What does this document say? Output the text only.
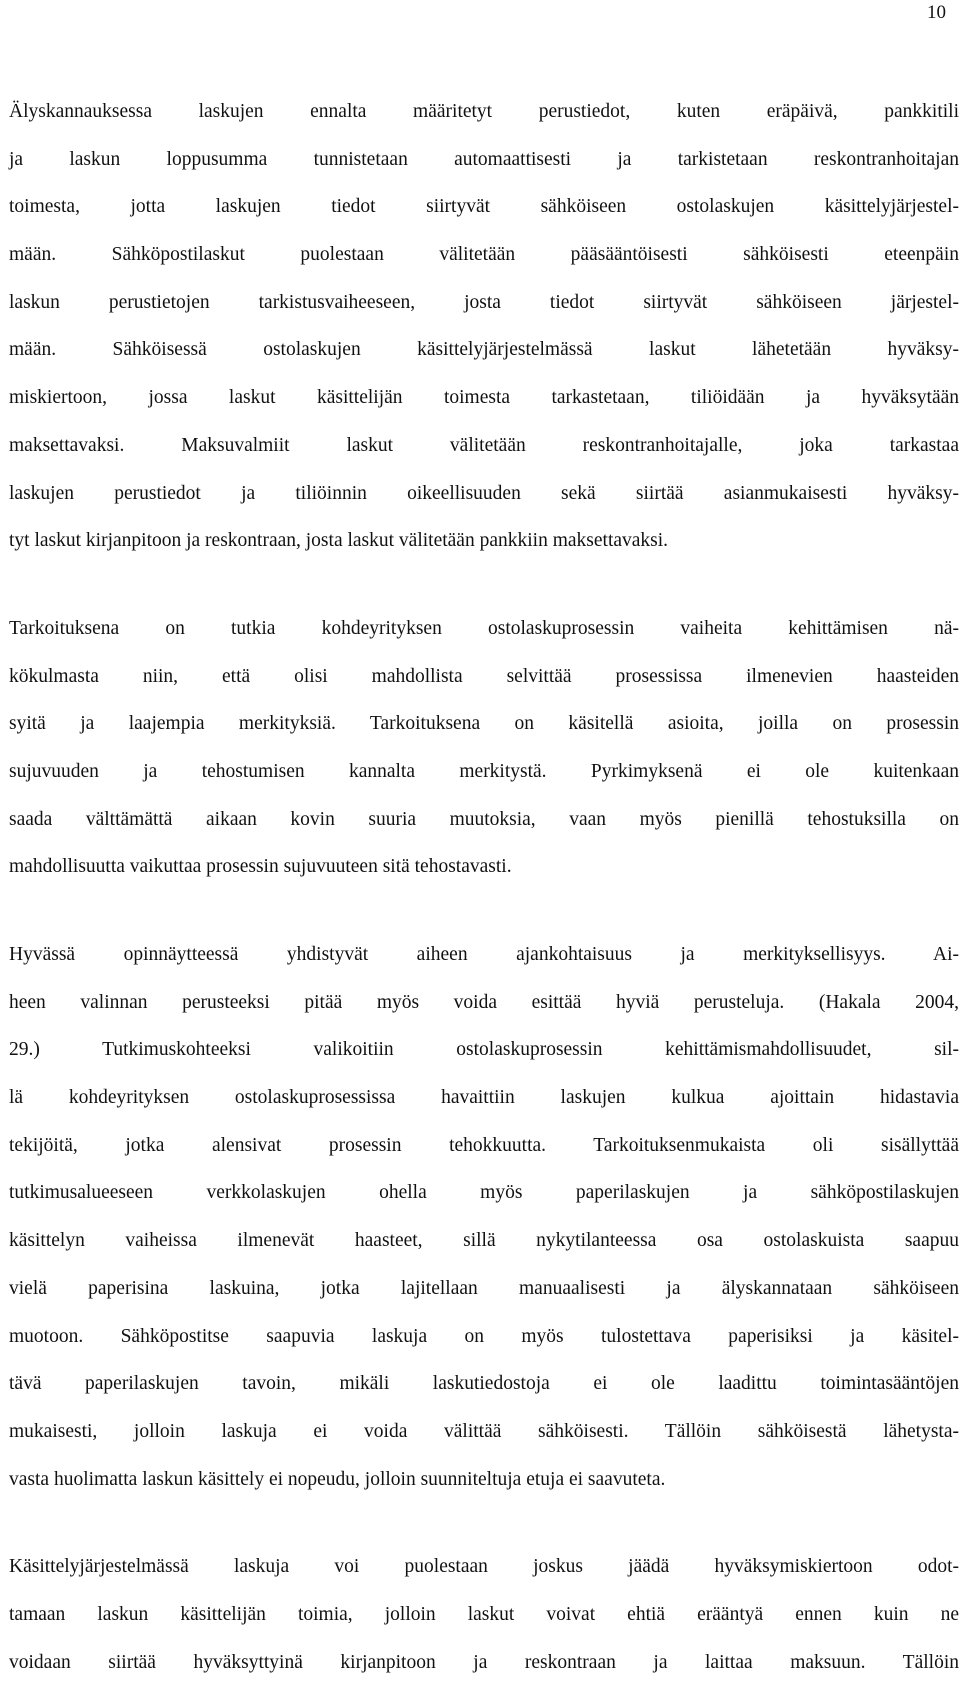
10
Älyskannauksessa laskujen ennalta määritetyt perustiedot, kuten eräpäivä, pankkitili
ja laskun loppusumma tunnistetaan automaattisesti ja tarkistetaan reskontranhoitajan
toimesta, jotta laskujen tiedot siirtyvät sähköiseen ostolaskujen käsittelyjärjestel-
mään. Sähköpostilaskut puolestaan välitetään pääsääntöisesti sähköisesti eteenpäin
laskun perustietojen tarkistusvaiheeseen, josta tiedot siirtyvät sähköiseen järjestel-
mään. Sähköisessä ostolaskujen käsittelyjärjestelmässä laskut lähetetään hyväksy-
miskiertoon, jossa laskut käsittelijän toimesta tarkastetaan, tiliöidään ja hyväksytään
maksettavaksi. Maksuvalmiit laskut välitetään reskontranhoitajalle, joka tarkastaa
laskujen perustiedot ja tiliöinnin oikeellisuuden sekä siirtää asianmukaisesti hyväksy-
tyt laskut kirjanpitoon ja reskontraan, josta laskut välitetään pankkiin maksettavaksi.
Tarkoituksena on tutkia kohdeyrityksen ostolaskuprosessin vaiheita kehittämisen nä-
kökulmasta niin, että olisi mahdollista selvittää prosessissa ilmenevien haasteiden
syitä ja laajempia merkityksiä. Tarkoituksena on käsitellä asioita, joilla on prosessin
sujuvuuden ja tehostumisen kannalta merkitystä. Pyrkimyksenä ei ole kuitenkaan
saada välttämättä aikaan kovin suuria muutoksia, vaan myös pienillä tehostuksilla on
mahdollisuutta vaikuttaa prosessin sujuvuuteen sitä tehostavasti.
Hyvässä opinnäytteessä yhdistyvät aiheen ajankohtaisuus ja merkityksellisyys. Ai-
heen valinnan perusteeksi pitää myös voida esittää hyviä perusteluja. (Hakala 2004,
29.) Tutkimuskohteeksi valikoitiin ostolaskuprosessin kehittämismahdollisuudet, sil-
lä kohdeyrityksen ostolaskuprosessissa havaittiin laskujen kulkua ajoittain hidastavia
tekijöitä, jotka alensivat prosessin tehokkuutta. Tarkoituksenmukaista oli sisällyttää
tutkimusalueeseen verkkolaskujen ohella myös paperilaskujen ja sähköpostilaskujen
käsittelyn vaiheissa ilmenevät haasteet, sillä nykytilanteessa osa ostolaskuista saapuu
vielä paperisina laskuina, jotka lajitellaan manuaalisesti ja älyskannataan sähköiseen
muotoon. Sähköpostitse saapuvia laskuja on myös tulostettava paperisiksi ja käsitel-
tävä paperilaskujen tavoin, mikäli laskutiedostoja ei ole laadittu toimintasääntöjen
mukaisesti, jolloin laskuja ei voida välittää sähköisesti. Tällöin sähköisestä lähetysta-
vasta huolimatta laskun käsittely ei nopeudu, jolloin suunniteltuja etuja ei saavuteta.
Käsittelyjärjestelmässä laskuja voi puolestaan joskus jäädä hyväksymiskiertoon odot-
tamaan laskun käsittelijän toimia, jolloin laskut voivat ehtiä erääntyä ennen kuin ne
voidaan siirtää hyväksyttyinä kirjanpitoon ja reskontraan ja laittaa maksuun. Tällöin
